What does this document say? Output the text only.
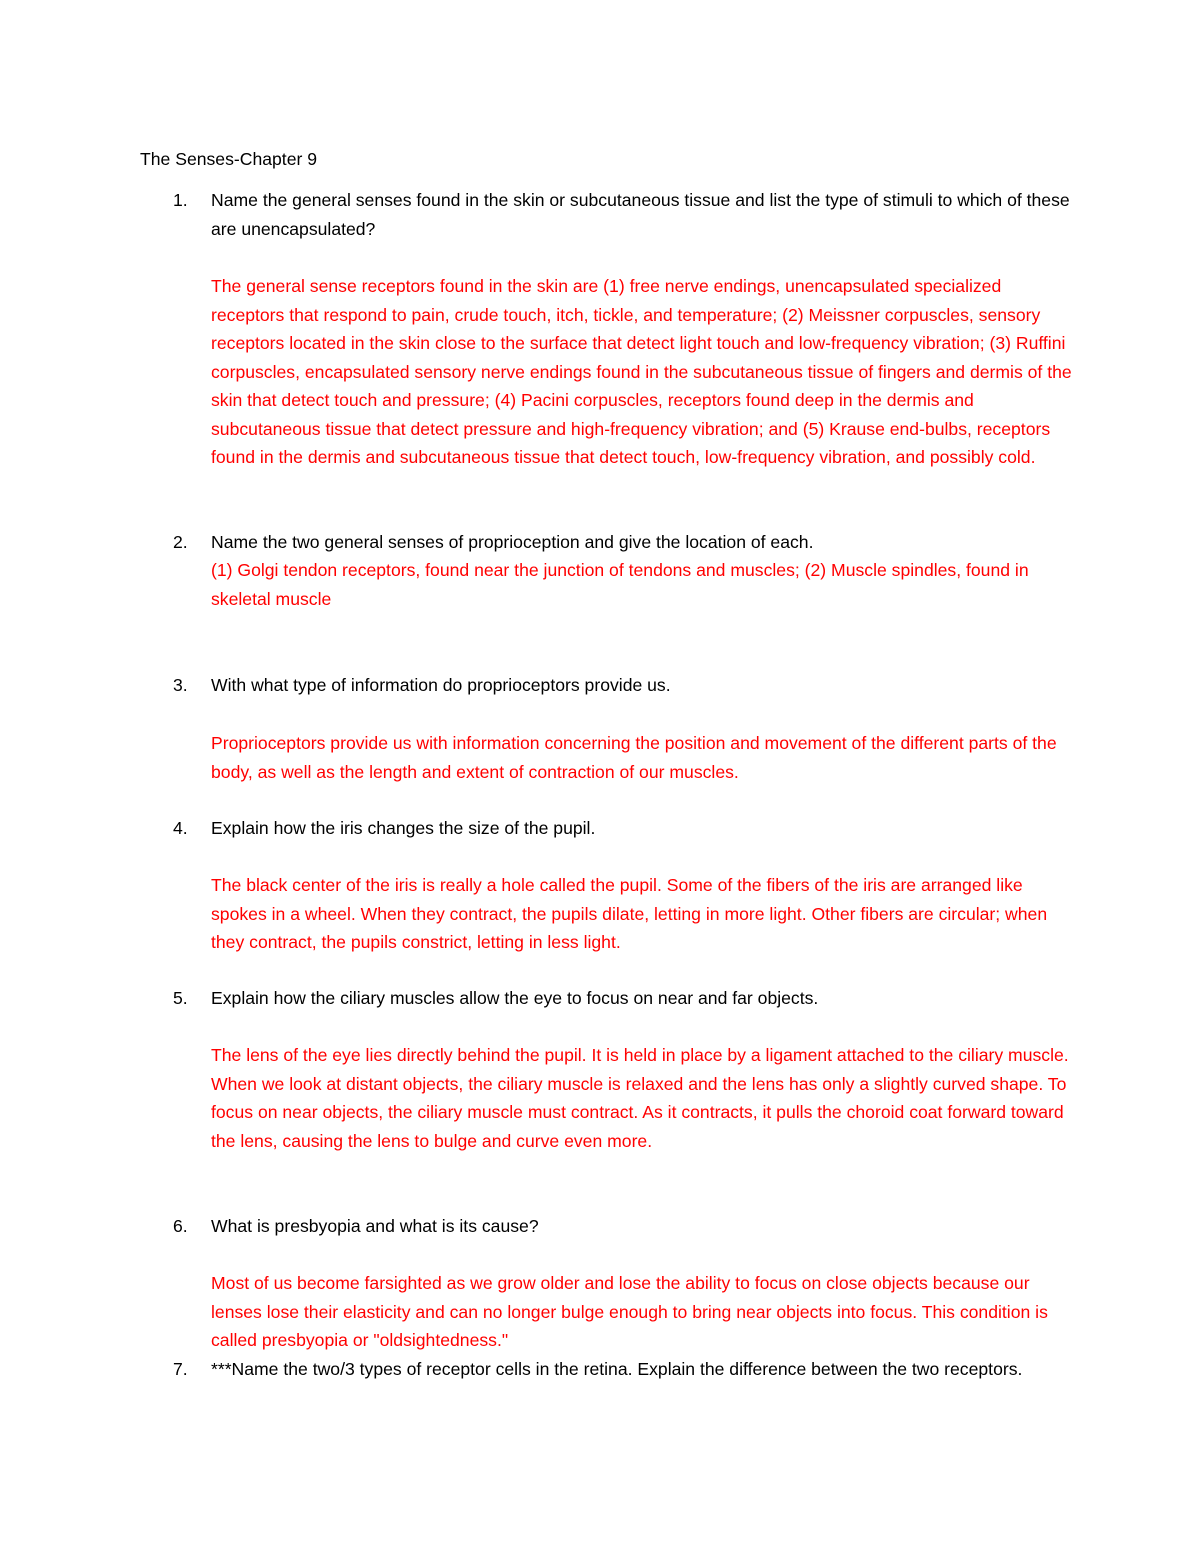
The Senses-Chapter 9
1. Name the general senses found in the skin or subcutaneous tissue and list the type of stimuli to which of these are unencapsulated?

The general sense receptors found in the skin are (1) free nerve endings, unencapsulated specialized receptors that respond to pain, crude touch, itch, tickle, and temperature; (2) Meissner corpuscles, sensory receptors located in the skin close to the surface that detect light touch and low-frequency vibration; (3) Ruffini corpuscles, encapsulated sensory nerve endings found in the subcutaneous tissue of fingers and dermis of the skin that detect touch and pressure; (4) Pacini corpuscles, receptors found deep in the dermis and subcutaneous tissue that detect pressure and high-frequency vibration; and (5) Krause end-bulbs, receptors found in the dermis and subcutaneous tissue that detect touch, low-frequency vibration, and possibly cold.

2. Name the two general senses of proprioception and give the location of each.

(1) Golgi tendon receptors, found near the junction of tendons and muscles; (2) Muscle spindles, found in skeletal muscle

3. With what type of information do proprioceptors provide us.

Proprioceptors provide us with information concerning the position and movement of the different parts of the body, as well as the length and extent of contraction of our muscles.

4. Explain how the iris changes the size of the pupil.

The black center of the iris is really a hole called the pupil. Some of the fibers of the iris are arranged like spokes in a wheel. When they contract, the pupils dilate, letting in more light. Other fibers are circular; when they contract, the pupils constrict, letting in less light.

5. Explain how the ciliary muscles allow the eye to focus on near and far objects.

The lens of the eye lies directly behind the pupil. It is held in place by a ligament attached to the ciliary muscle. When we look at distant objects, the ciliary muscle is relaxed and the lens has only a slightly curved shape. To focus on near objects, the ciliary muscle must contract. As it contracts, it pulls the choroid coat forward toward the lens, causing the lens to bulge and curve even more.

6. What is presbyopia and what is its cause?

Most of us become farsighted as we grow older and lose the ability to focus on close objects because our lenses lose their elasticity and can no longer bulge enough to bring near objects into focus. This condition is called presbyopia or "oldsightedness."

7. ***Name the two/3 types of receptor cells in the retina. Explain the difference between the two receptors.
